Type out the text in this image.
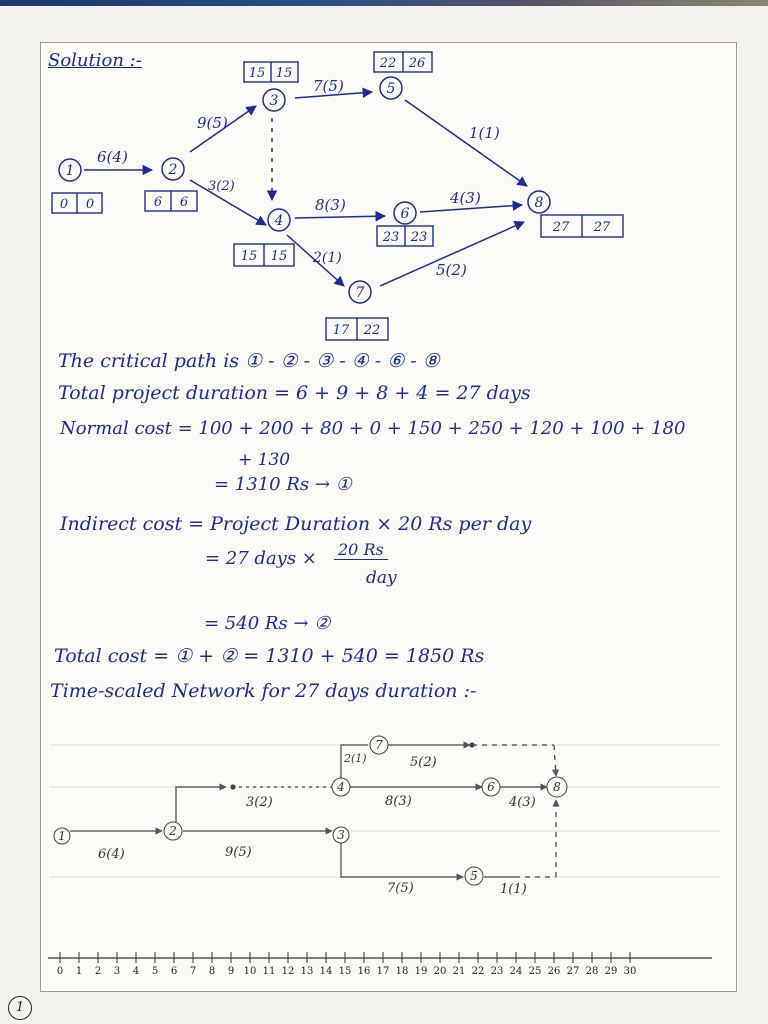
Solution :-
1	2
3
4
5
6
7
8
0 0	6 6
15 15
15 15
22 26
23 23
17 22
27 27
6(4)
9(5)
3(2)
7(5)
1(1)
8(3)	4(3)
2(1)
5(2)
The critical path is ① - ② - ③ - ④ - ⑥ - ⑧
Total project duration = 6 + 9 + 8 + 4 = 27 days
Normal cost = 100 + 200 + 80 + 0 + 150 + 250 + 120 + 100 + 180
+ 130
= 1310 Rs → ①
Indirect cost = Project Duration × 20 Rs per day
= 27 days × 20 Rs
day
= 540 Rs → ②
Total cost = ① + ② = 1310 + 540 = 1850 Rs
Time-scaled Network for 27 days duration :-
1	2	3
4
7
6
5
8
6(4)	9(5)
3(2)
7(5)	1(1)
8(3)	4(3)
2(1)	5(2)
0 1 2 3 4 5 6 7 8 9 10 11 12 13 14 15 16 17 18 19 20 21 22 23 24 25 26 27 28 29 30
1
